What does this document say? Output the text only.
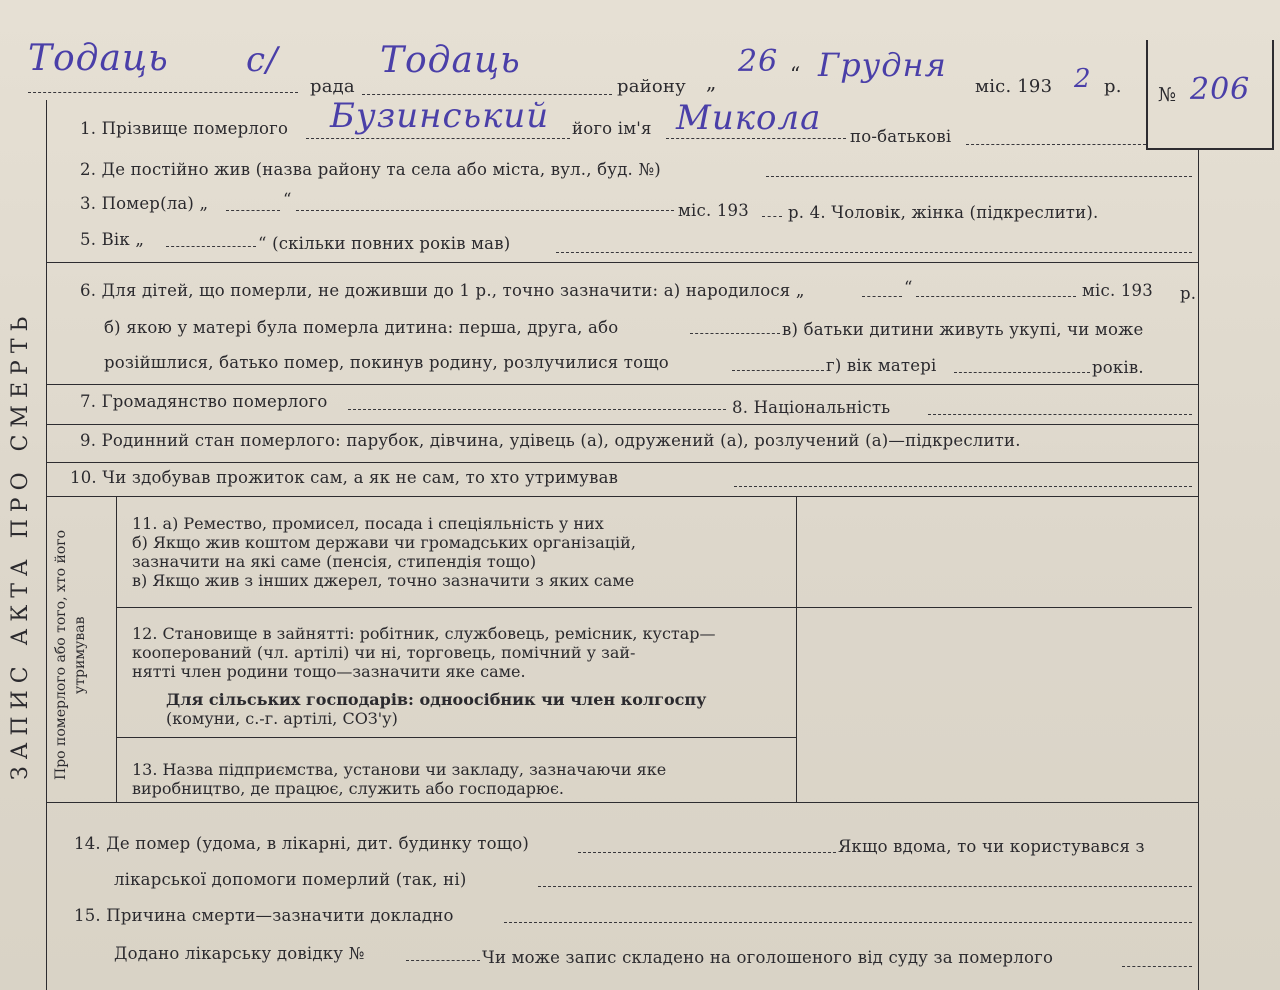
ЗАПИС АКТА ПРО СМЕРТЬ
Тодаць с/
рада
Тодаць
району „
26 “ Грудня
міс. 193 2 р. № 206
1. Прізвище померлого Бузинський його ім'я Микола по-батькові
2. Де постійно жив (назва району та села або міста, вул., буд. №)
3. Помер(ла) „	“
міс. 193 р. 4. Чоловік, жінка (підкреслити).
5. Вік „	“ (скільки повних років мав)
6. Для дітей, що померли, не доживши до 1 р., точно зазначити: а) народилося „	“	міс. 193 р.
б) якою у матері була померла дитина: перша, друга, або	в) батьки дитини живуть укупі, чи може
розійшлися, батько помер, покинув родину, розлучилися тощо	г) вік матері	років.
7. Громадянство померлого	8. Національність
9. Родинний стан померлого: парубок, дівчина, удівець (а), одружений (а), розлучений (а)—підкреслити.
10. Чи здобував прожиток сам, а як не сам, то хто утримував
Про померлого або того, хто його утримував
11. а) Ремество, промисел, посада і спеціяльність у них
б) Якщо жив коштом держави чи громадських організацій,
зазначити на які саме (пенсія, стипендія тощо)
в) Якщо жив з інших джерел, точно зазначити з яких саме
12. Становище в зайнятті: робітник, службовець, ремісник, кустар—
кооперований (чл. артілі) чи ні, торговець, помічний у зай-
нятті член родини тощо—зазначити яке саме.
Для сільських господарів: одноосібник чи член колгоспу
(комуни, с.-г. артілі, СОЗ'у)
13. Назва підприємства, установи чи закладу, зазначаючи яке
виробництво, де працює, служить або господарює.
14. Де помер (удома, в лікарні, дит. будинку тощо)	Якщо вдома, то чи користувався з
лікарської допомоги померлий (так, ні)
15. Причина смерти—зазначити докладно
Додано лікарську довідку №	Чи може запис складено на оголошеного від суду за померлого
